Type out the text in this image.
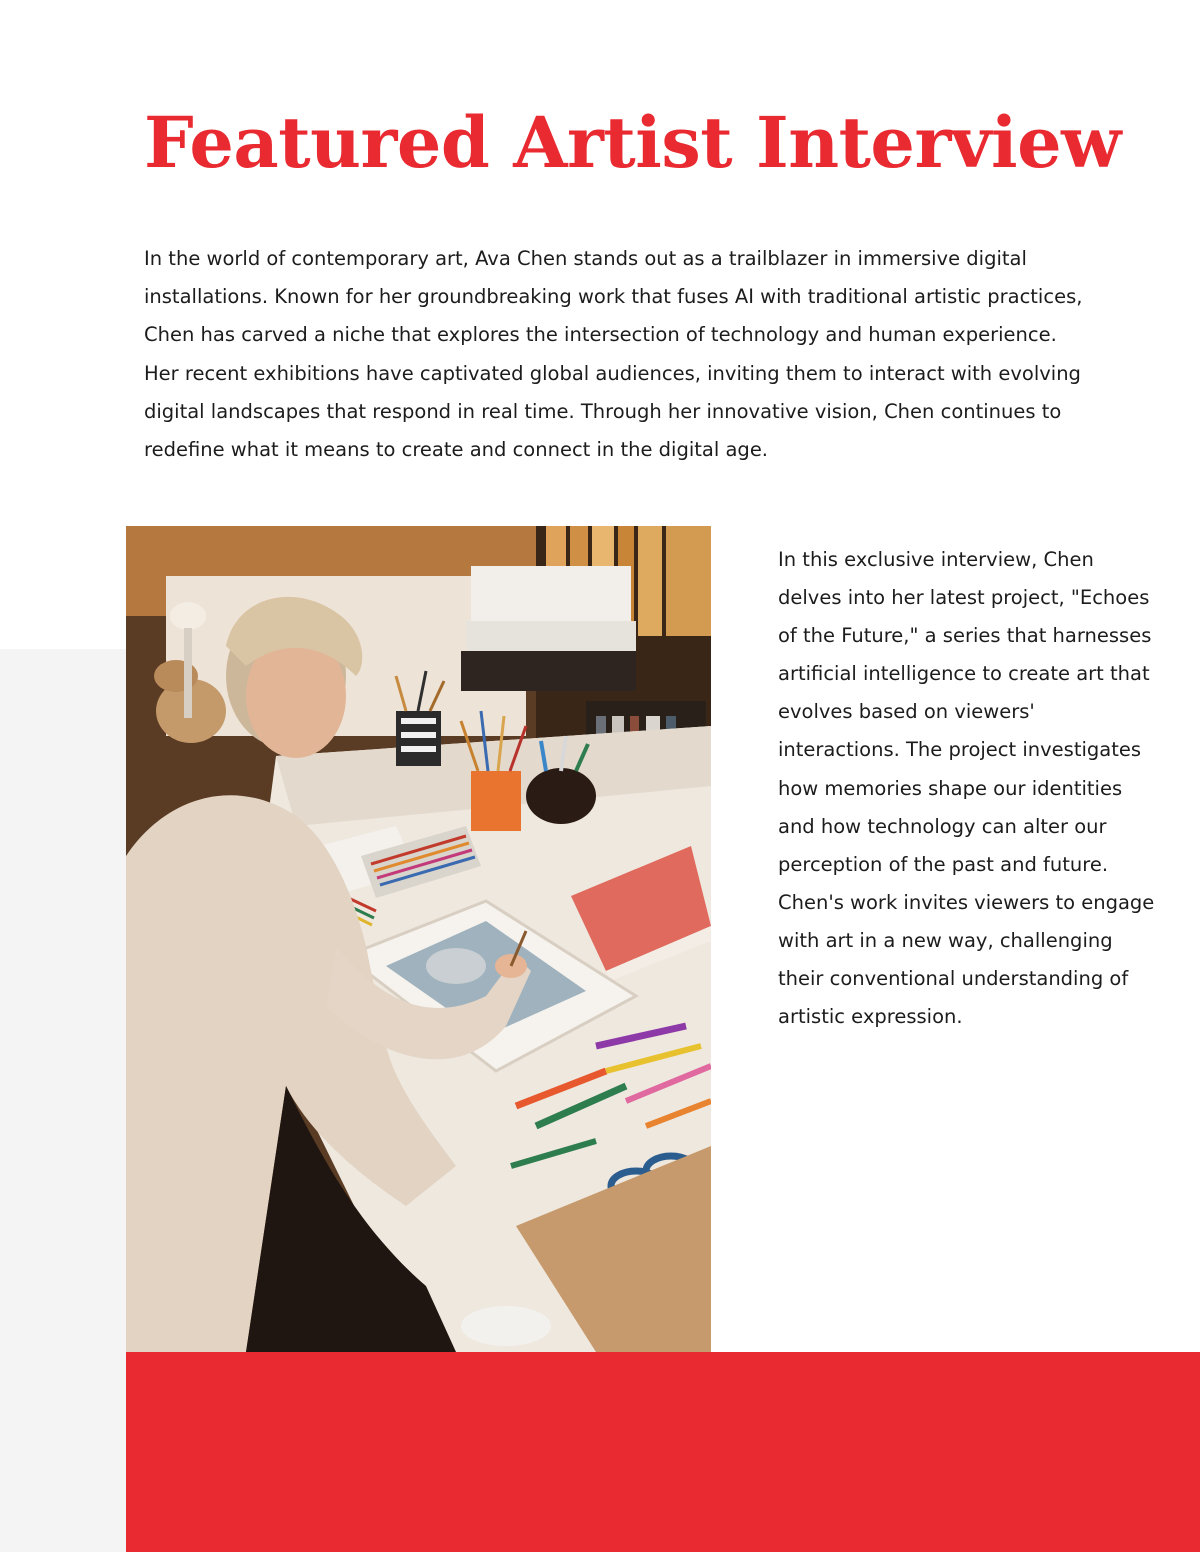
Featured Artist Interview

In the world of contemporary art, Ava Chen stands out as a trailblazer in immersive digital installations. Known for her groundbreaking work that fuses AI with traditional artistic practices, Chen has carved a niche that explores the intersection of technology and human experience. Her recent exhibitions have captivated global audiences, inviting them to interact with evolving digital landscapes that respond in real time. Through her innovative vision, Chen continues to redefine what it means to create and connect in the digital age.

In this exclusive interview, Chen delves into her latest project, "Echoes of the Future," a series that harnesses artificial intelligence to create art that evolves based on viewers' interactions. The project investigates how memories shape our identities and how technology can alter our perception of the past and future. Chen's work invites viewers to engage with art in a new way, challenging their conventional understanding of artistic expression.
